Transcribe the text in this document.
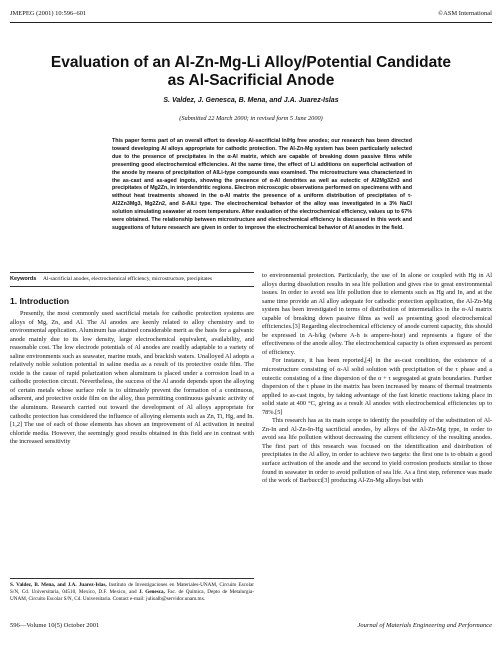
JMEPEG (2001) 10:596–601	©ASM International
Evaluation of an Al-Zn-Mg-Li Alloy/Potential Candidate
as Al-Sacrificial Anode
S. Valdez, J. Genesca, B. Mena, and J.A. Juarez-Islas
(Submitted 22 March 2000; in revised form 5 June 2000)
This paper forms part of an overall effort to develop Al-sacrificial In/Hg free anodes; our research has been directed toward developing Al alloys appropriate for cathodic protection. The Al-Zn-Mg system has been particularly selected due to the presence of precipitates in the α-Al matrix, which are capable of breaking down passive films while presenting good electrochemical efficiencies. At the same time, the effect of Li additions on superficial activation of the anode by means of precipitation of AlLi-type compounds was examined. The microstructure was characterized in the as-cast and as-aged ingots, showing the presence of α-Al dendrites as well as eutectic of Al2Mg3Zn3 and precipitates of Mg2Zn, in interdendritic regions. Electron microscopic observations performed on specimens with and without heat treatments showed in the α-Al matrix the presence of a uniform distribution of precipitates of τ-Al2Zn3Mg3, Mg2Zn2, and δ-AlLi type. The electrochemical behavior of the alloy was investigated in a 3% NaCl solution simulating seawater at room temperature. After evaluation of the electrochemical efficiency, values up to 67% were obtained. The relationship between microstructure and electrochemical efficiency is discussed in this work and suggestions of future research are given in order to improve the electrochemical behavior of Al anodes in the field.
Keywords	Al-sacrificial anodes, electrochemical efficiency, microstructure, precipitates
1. Introduction

Presently, the most commonly used sacrificial metals for cathodic protection systems are alloys of Mg, Zn, and Al. The Al anodes are keenly related to alloy chemistry and to environmental application. Aluminum has attained considerable merit as the basis for a galvanic anode mainly due to its low density, large electrochemical equivalent, availability, and reasonable cost. The low electrode potentials of Al anodes are readily adaptable to a variety of saline environments such as seawater, marine muds, and brackish waters. Unalloyed Al adopts a relatively noble solution potential in saline media as a result of its protective oxide film. The oxide is the cause of rapid polarization when aluminum is placed under a corrosion load in a cathodic protection circuit. Nevertheless, the success of the Al anode depends upon the alloying of certain metals whose surface role is to ultimately prevent the formation of a continuous, adherent, and protective oxide film on the alloy, thus permitting continuous galvanic activity of the aluminum. Research carried out toward the development of Al alloys appropriate for cathodic protection has considered the influence of alloying elements such as Zn, Ti, Hg, and In.[1,2] The use of each of those elements has shown an improvement of Al activation in neutral chloride media. However, the seemingly good results obtained in this field are in contrast with the increased sensitivity

to environmental protection. Particularly, the use of In alone or coupled with Hg in Al alloys during dissolution results in sea life pollution and gives rise to great environmental issues. In order to avoid sea life pollution due to elements such as Hg and In, and at the same time provide an Al alloy adequate for cathodic protection application, the Al-Zn-Mg system has been investigated in terms of distribution of intermetallics in the α-Al matrix capable of breaking down passive films as well as presenting good electrochemical efficiencies.[3] Regarding electrochemical efficiency of anode current capacity, this should be expressed in A-h/kg (where A-h is ampere-hour) and represents a figure of the effectiveness of the anode alloy. The electrochemical capacity is often expressed as percent of efficiency.

For instance, it has been reported,[4] in the as-cast condition, the existence of a microstructure consisting of α-Al solid solution with precipitation of the τ phase and a eutectic consisting of a fine dispersion of the α + τ segregated at grain boundaries. Further dispersion of the τ phase in the matrix has been increased by means of thermal treatments applied to as-cast ingots, by taking advantage of the fast kinetic reactions taking place in solid state at 400 °C, giving as a result Al anodes with electrochemical efficiencies up to 78%.[5]

This research has as its main scope to identify the possibility of the substitution of Al-Zn-In and Al-Zn-In-Hg sacrificial anodes, by alloys of the Al-Zn-Mg type, in order to avoid sea life pollution without decreasing the current efficiency of the resulting anodes. The first part of this research was focused on the identification and distribution of precipitates in the Al alloy, in order to achieve two targets: the first one is to obtain a good surface activation of the anode and the second to yield corrosion products similar to those found in seawater in order to avoid pollution of sea life. As a first step, reference was made of the work of Barbucci[3] producing Al-Zn-Mg alloys but with

S. Valdez, B. Mena, and J.A. Juarez-Islas, Instituto de Investigaciones en Materiales-UNAM, Circuito Escolar S/N, Cd. Universitaria, 04510, Mexico, D.F. Mexico, and J. Genesca, Fac. de Quimica, Depto de Metalurgia-UNAM, Circuito Escolar S/N, Cd. Universitaria. Contact e-mail: julioalb@servidor.unam.mx.
596—Volume 10(5) October 2001	Journal of Materials Engineering and Performance
